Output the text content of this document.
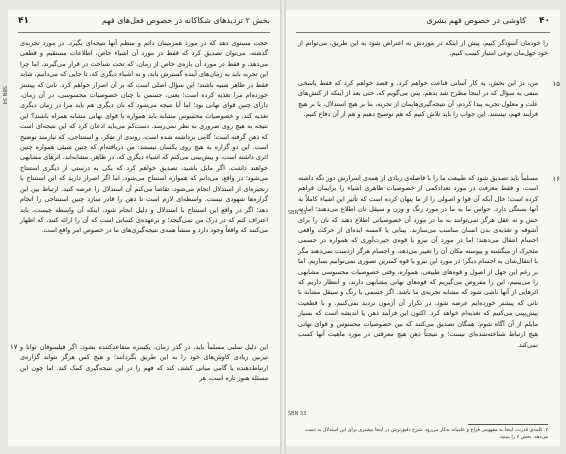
۴۱	بخش ۲ تردیدهای شکاکانه در خصوص فعل‌های فهم

حجت مستوی دهد که در مورد همزمینان دائم و منظم آنها نتیجه‌ای بگیرد. در مورد تجربه‌ی گذشته، می‌توان تصدیق کرد که فقط در مورد آن اشیاء خاص، اطلاعات مستقیم و قطعی می‌دهد، و فقط در مورد آن بازه‌ی خاص از زمان، که تحت شناخت در قرار می‌گیرند. اما چرا این تجربه باید به زمان‌های آینده گسترش یابد، و به اشیاء دیگری که، تا جایی که می‌دانیم، شاید فقط در ظاهر شبیه باشند؛ این سؤال اصلی است که بر آن اصرار خواهم کرد. نانی که پیشتر خورده‌ام مرا تغذیه کرده است؛ یعنی، جسمی با چنان خصوصیات محسوسی، در آن زمان، دارای چنین قوای نهانی بود؛ اما آیا نتیجه می‌شود که نان دیگری هم باید مرا در زمان دیگری تغذیه کند، و خصوصیات محسوس مشابه باید همواره با قوای نهانی مشابه همراه باشند؟ این نتیجه به هیچ روی ضروری به نظر نمی‌رسد. دست‌کم می‌باید اذعان کرد که این نتیجه‌ای است که ذهن گرفته است؛ گامی برداشته شده است، روندی از تفکر، و استنتاجی، که نیازمند توضیح است. این دو گزاره به هیچ روی یکسان نیستند: من دریافته‌ام که چنین شیئی همواره چنین اثری داشته است، و پیش‌بینی می‌کنم که اشیاء دیگری که، در ظاهر، مشابه‌اند، اثرهای مشابهی خواهند داشت. اگر مایل باشید، تصدیق خواهم کرد که یکی به درستی از دیگری استنتاج می‌شود؛ در واقع، می‌دانم که همواره استنتاج می‌شود. اما اگر اصرار دارید که این استنتاج با زنجیره‌ای از استدلال انجام می‌شود، تقاضا می‌کنم آن استدلال را عرضه کنید. ارتباط بین این گزاره‌ها شهودی نیست. واسطه‌ای لازم است تا ذهن را قادر سازد چنین استنتاجی را انجام دهد؛ اگر در واقع این استنتاج با استدلال و دلیل انجام شود. اینکه آن واسطه چیست، باید اعتراف کنم که در درک من نمی‌گنجد؛ و برعهده‌ی کسانی است که آن را ارائه کنند، که اظهار می‌کنند که واقعاً وجود دارد و منشأ همه‌ی نتیجه‌گیری‌های ما در خصوص امر واقع است.

۱۷ این دلیل سلبی مسلماً باید، در گذر زمان، یکسره متقاعدکننده بشود، اگر فیلسوفان توانا و تیزبین زیادی کاوش‌های خود را به این طریق بگردانند؛ و هیچ کس هرگز نتواند گزاره‌ی ارتباط‌دهنده یا گامی میانی کشف کند که فهم را در این نتیجه‌گیری کمک کند. اما چون این مسئله هنوز تازه است، هر

SBN 34
۴۰
کاوشی در خصوص فهم بشری

را خودمان آسودگر کنیم، پیش از اینکه در موردش به اعتراض شود به این طریق، می‌توانم از خود جهل‌مان نوعی امتیاز کسب کنیم.

۱۵

من، در این بخش، به کار آسانی قناعت خواهم کرد، و قصد خواهم کرد که فقط پاسخی منفی به سؤال که در اینجا مطرح شد بدهم. پس می‌گویم که، حتی بعد از اینکه از کنش‌های علت و معلول تجربه پیدا کردم، آن نتیجه‌گیری‌هایمان از تجربه، بنا بر هیچ استدلال، یا بر هیچ فرآیند فهم، نیستند. این جواب را باید تلاش کنیم که هم توضیح دهیم و هم از آن دفاع کنیم.

۱۶

مسلماً باید تصدیق شود که طبیعت ما را با فاصله‌ی زیادی از همه‌ی اسرارش دور نگه داشته است، و فقط معرفت در مورد تعدادکمی از خصوصیات ظاهری اشیاء را برایمان فراهم کرده است؛ حال آنکه آن قوا و اصولی را از ما پنهان کرده است که تأثیر این اشیاء کاملاً به آنها بستگی دارد. حواس ما به ما در مورد رنگ و وزن و سیقل نان اطلاع می‌دهند؛ اما نه حس و نه عقل هرگز نمی‌توانند به ما در مورد آن خصوصیاتی اطلاع دهند که نان را برای آشوفه و تغذیه‌ی بدن انسان مناسب می‌سازند. بینایی یا لامسه ایده‌ای از حرکت واقعی اجسام انتقال می‌دهند؛ اما در مورد آن نیرو یا قوه‌ی حیرت‌آوری که همواره در جسمی متحرک از میگشته و پیوسته مکان آن را تغییر می‌دهد، و اجسام هرگز ازدست نمی‌دهند مگر با انتقال‌شان به اجسام دیگر؛ در مورد این نیرو یا قوه کمترین تصوری نمی‌توانیم بسازیم. اما بر رغم این جهل از اصول و قوه‌های طبیعی، همواره، وقتی خصوصیات محسوسی مشابهی را می‌بینیم، این را مفروض می‌گیریم که قوه‌های نهانی مشابهی دارند، و انتظار داریم که اثرهایی از آنها ناشی شود که مشابه تجربه‌ی ما باشد. اگر جسمی با رنگ و سیقل مشابه با نانی که پیشتر خورده‌ایم عرضه شود، در تکرار آن آزمون تردید نمی‌کنیم، و با قطعیت پیش‌بینی می‌کنیم که تغذیه‌ام خواهد کرد. اکنون این فرآیند ذهن یا اندیشه است که بسیار مایلم از آن آگاه شوم. همگان تصدیق می‌کنند که بین خصوصیات محسوس و قوای نهانی هیچ ارتباط شناخته‌شده‌ای نیست؛ و نتیجتاً ذهن هیچ معرفتی در مورد ماهیت آنها کسب نمی‌کند.

۷. کلمه‌ی قدرت، اینجا به مفهومی فراخ و عامیانه به‌کار می‌رود. شرح دقیق‌ترش در اینجا بیشتری برای این استدلال به دست می‌دهد. بخش ۷ را ببینید.
SBN 33
SBN 33
